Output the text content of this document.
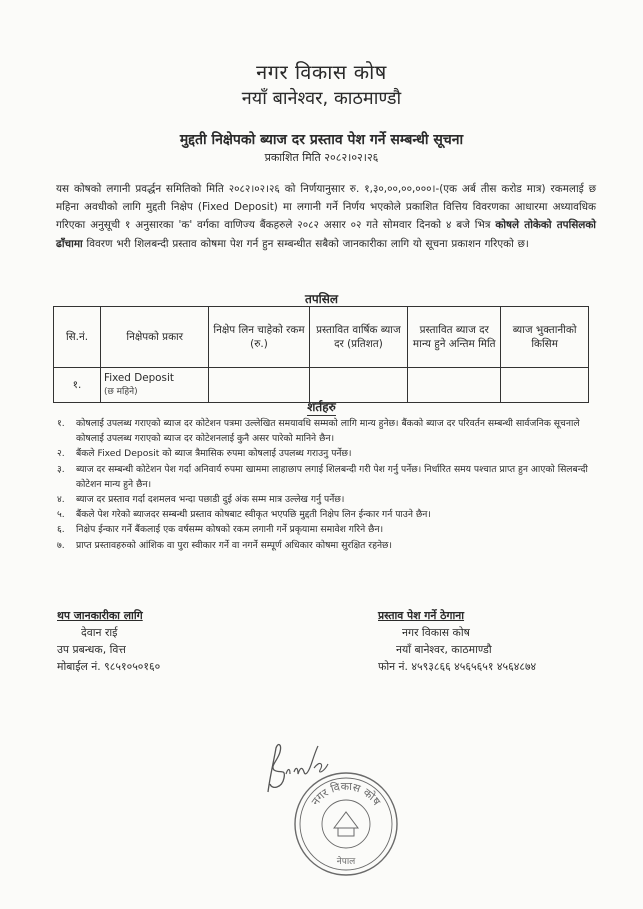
नगर विकास कोष
नयाँ बानेश्वर, काठमाण्डौ
मुद्दती निक्षेपको ब्याज दर प्रस्ताव पेश गर्ने सम्बन्धी सूचना
प्रकाशित मिति २०८२।०२।२६
यस कोषको लगानी प्रवर्द्धन समितिको मिति २०८२।०२।२६ को निर्णयानुसार रु. १,३०,००,००,०००।-(एक अर्ब तीस करोड मात्र) रकमलाई छ महिना अवधीको लागि मुद्दती निक्षेप (Fixed Deposit) मा लगानी गर्ने निर्णय भएकोले प्रकाशित वित्तिय विवरणका आधारमा अध्यावधिक गरिएका अनुसूची १ अनुसारका 'क' वर्गका वाणिज्य बैंकहरुले २०८२ असार ०२ गते सोमवार दिनको ४ बजे भित्र कोषले तोकेको तपसिलको ढाँचामा विवरण भरी शिलबन्दी प्रस्ताव कोषमा पेश गर्न हुन सम्बन्धीत सबैको जानकारीका लागि यो सूचना प्रकाशन गरिएको छ।
तपसिल
सि.नं.	निक्षेपको प्रकार	निक्षेप लिन चाहेको रकम (रु.)	प्रस्तावित वार्षिक ब्याज दर (प्रतिशत)	प्रस्तावित ब्याज दर मान्य हुने अन्तिम मिति	ब्याज भुक्तानीको किसिम
१.	Fixed Deposit
(छ महिने)				

शर्तहरु
१.	कोषलाई उपलब्ध गराएको ब्याज दर कोटेशन पत्रमा उल्लेखित समयावधि सम्मको लागि मान्य हुनेछ। बैंकको ब्याज दर परिवर्तन सम्बन्धी सार्वजनिक सूचनाले कोषलाई उपलब्ध गराएको ब्याज दर कोटेशनलाई कुनै असर पारेको मानिने छैन।
२.	बैंकले Fixed Deposit को ब्याज त्रैमासिक रुपमा कोषलाई उपलब्ध गराउनु पर्नेछ।
३.	ब्याज दर सम्बन्धी कोटेशन पेश गर्दा अनिवार्य रुपमा खाममा लाहाछाप लगाई शिलबन्दी गरी पेश गर्नु पर्नेछ। निर्धारित समय पश्चात प्राप्त हुन आएको सिलबन्दी कोटेशन मान्य हुने छैन।
४.	ब्याज दर प्रस्ताव गर्दा दशमलव भन्दा पछाडी दुई अंक सम्म मात्र उल्लेख गर्नु पर्नेछ।
५.	बैंकले पेश गरेको ब्याजदर सम्बन्धी प्रस्ताव कोषबाट स्वीकृत भएपछि मुद्दती निक्षेप लिन ईन्कार गर्न पाउने छैन।
६.	निक्षेप ईन्कार गर्ने बैंकलाई एक वर्षसम्म कोषको रकम लगानी गर्ने प्रकृयामा समावेश गरिने छैन।
७.	प्राप्त प्रस्तावहरुको आंशिक वा पुरा स्वीकार गर्ने वा नगर्ने सम्पूर्ण अधिकार कोषमा सुरक्षित रहनेछ।
थप जानकारीका लागि
देवान राई
उप प्रबन्धक, वित्त
मोबाईल नं. ९८५१०५०१६०
प्रस्ताव पेश गर्ने ठेगाना
नगर विकास कोष
नयाँ बानेश्वर, काठमाण्डौ
फोन नं. ४५९३८६६ ४५६५६५१ ४५६४८७४
नगर विकास कोष
नेपाल
